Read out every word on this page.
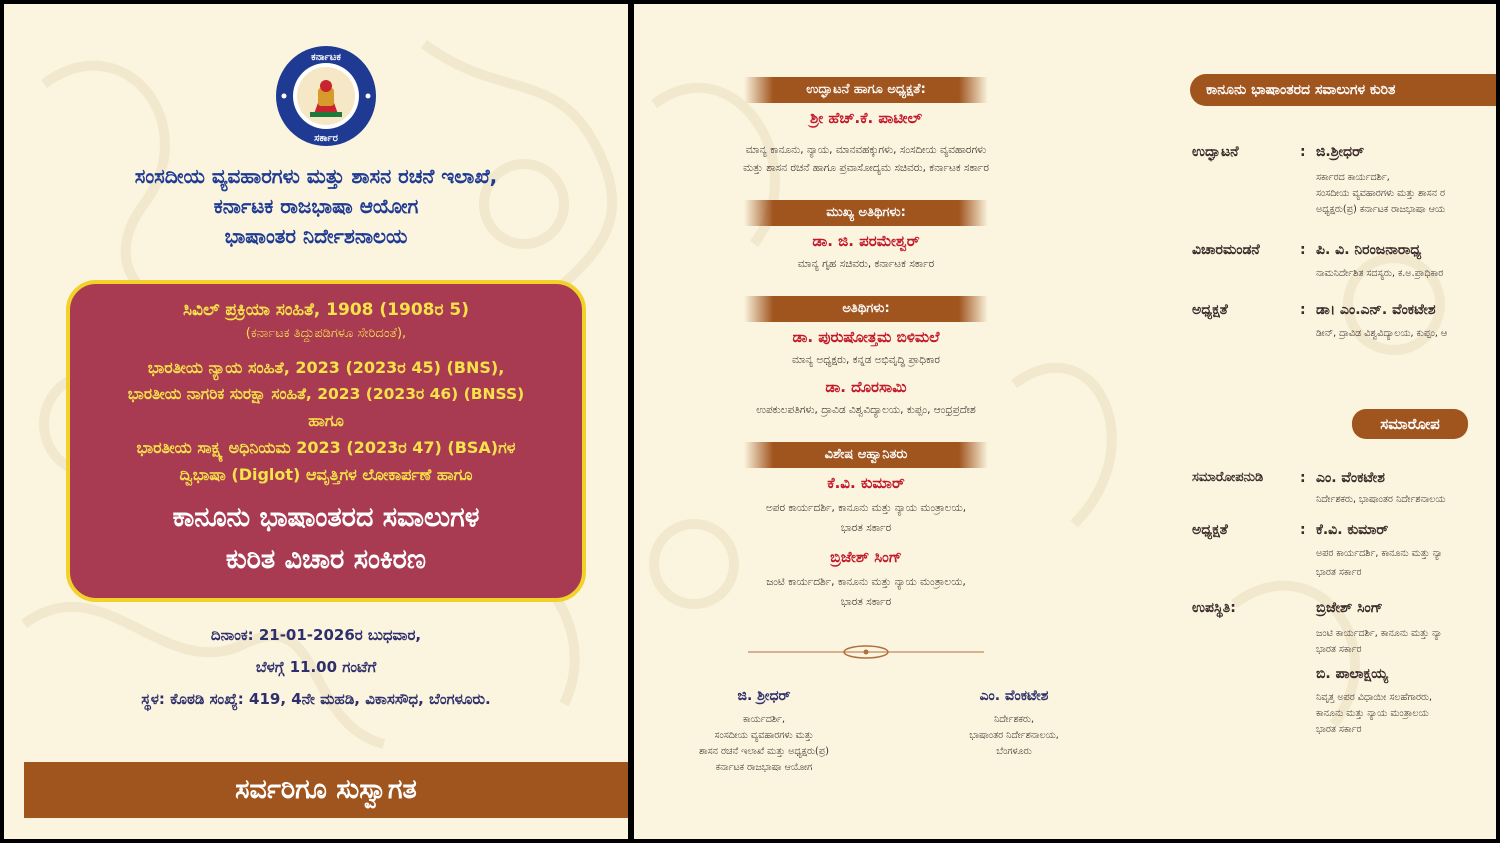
ಕರ್ನಾಟಕ
ಸರ್ಕಾರ
ಸಂಸದೀಯ ವ್ಯವಹಾರಗಳು ಮತ್ತು ಶಾಸನ ರಚನೆ ಇಲಾಖೆ,
ಕರ್ನಾಟಕ ರಾಜಭಾಷಾ ಆಯೋಗ
ಭಾಷಾಂತರ ನಿರ್ದೇಶನಾಲಯ
ಸಿವಿಲ್ ಪ್ರಕ್ರಿಯಾ ಸಂಹಿತೆ, 1908 (1908ರ 5)
(ಕರ್ನಾಟಕ ತಿದ್ದುಪಡಿಗಳೂ ಸೇರಿದಂತೆ),
ಭಾರತೀಯ ನ್ಯಾಯ ಸಂಹಿತೆ, 2023 (2023ರ 45) (BNS),
ಭಾರತೀಯ ನಾಗರಿಕ ಸುರಕ್ಷಾ ಸಂಹಿತೆ, 2023 (2023ರ 46) (BNSS)
ಹಾಗೂ
ಭಾರತೀಯ ಸಾಕ್ಷ್ಯ ಅಧಿನಿಯಮ 2023 (2023ರ 47) (BSA)ಗಳ
ದ್ವಿಭಾಷಾ (Diglot) ಆವೃತ್ತಿಗಳ ಲೋಕಾರ್ಪಣೆ ಹಾಗೂ
ಕಾನೂನು ಭಾಷಾಂತರದ ಸವಾಲುಗಳ
ಕುರಿತ ವಿಚಾರ ಸಂಕಿರಣ
ದಿನಾಂಕ: 21-01-2026ರ ಬುಧವಾರ,
ಬೆಳಗ್ಗೆ 11.00 ಗಂಟೆಗೆ
ಸ್ಥಳ: ಕೊಠಡಿ ಸಂಖ್ಯೆ: 419, 4ನೇ ಮಹಡಿ, ವಿಕಾಸಸೌಧ, ಬೆಂಗಳೂರು.
ಸರ್ವರಿಗೂ ಸುಸ್ವಾಗತ
ಉದ್ಘಾಟನೆ ಹಾಗೂ ಅಧ್ಯಕ್ಷತೆ:
ಶ್ರೀ ಹೆಚ್.ಕೆ. ಪಾಟೀಲ್
ಮಾನ್ಯ ಕಾನೂನು, ನ್ಯಾಯ, ಮಾನವಹಕ್ಕುಗಳು, ಸಂಸದೀಯ ವ್ಯವಹಾರಗಳು
ಮತ್ತು ಶಾಸನ ರಚನೆ ಹಾಗೂ ಪ್ರವಾಸೋದ್ಯಮ ಸಚಿವರು, ಕರ್ನಾಟಕ ಸರ್ಕಾರ
ಮುಖ್ಯ ಅತಿಥಿಗಳು:
ಡಾ. ಜಿ. ಪರಮೇಶ್ವರ್
ಮಾನ್ಯ ಗೃಹ ಸಚಿವರು, ಕರ್ನಾಟಕ ಸರ್ಕಾರ
ಅತಿಥಿಗಳು:
ಡಾ. ಪುರುಷೋತ್ತಮ ಬಿಳಿಮಲೆ
ಮಾನ್ಯ ಅಧ್ಯಕ್ಷರು, ಕನ್ನಡ ಅಭಿವೃದ್ಧಿ ಪ್ರಾಧಿಕಾರ
ಡಾ. ದೊರಸಾಮಿ
ಉಪಕುಲಪತಿಗಳು, ದ್ರಾವಿಡ ವಿಶ್ವವಿದ್ಯಾಲಯ, ಕುಪ್ಪಂ, ಆಂಧ್ರಪ್ರದೇಶ
ವಿಶೇಷ ಆಹ್ವಾನಿತರು
ಕೆ.ವಿ. ಕುಮಾರ್
ಅಪರ ಕಾರ್ಯದರ್ಶಿ, ಕಾನೂನು ಮತ್ತು ನ್ಯಾಯ ಮಂತ್ರಾಲಯ,
ಭಾರತ ಸರ್ಕಾರ
ಬ್ರಿಜೇಶ್ ಸಿಂಗ್
ಜಂಟಿ ಕಾರ್ಯದರ್ಶಿ, ಕಾನೂನು ಮತ್ತು ನ್ಯಾಯ ಮಂತ್ರಾಲಯ,
ಭಾರತ ಸರ್ಕಾರ
ಜಿ. ಶ್ರೀಧರ್
ಕಾರ್ಯದರ್ಶಿ,
ಸಂಸದೀಯ ವ್ಯವಹಾರಗಳು ಮತ್ತು
ಶಾಸನ ರಚನೆ ಇಲಾಖೆ ಮತ್ತು ಅಧ್ಯಕ್ಷರು(ಪ್ರ)
ಕರ್ನಾಟಕ ರಾಜಭಾಷಾ ಆಯೋಗ
ಎಂ. ವೆಂಕಟೇಶ
ನಿರ್ದೇಶಕರು,
ಭಾಷಾಂತರ ನಿರ್ದೇಶನಾಲಯ,
ಬೆಂಗಳೂರು
ಕಾನೂನು ಭಾಷಾಂತರದ ಸವಾಲುಗಳ ಕುರಿತ
ಉದ್ಘಾಟನೆ	: ಜಿ.ಶ್ರೀಧರ್
ಸರ್ಕಾರದ ಕಾರ್ಯದರ್ಶಿ,
ಸಂಸದೀಯ ವ್ಯವಹಾರಗಳು ಮತ್ತು ಶಾಸನ ರ
ಅಧ್ಯಕ್ಷರು(ಪ್ರ) ಕರ್ನಾಟಕ ರಾಜಭಾಷಾ ಆಯ
ವಿಚಾರಮಂಡನೆ	: ಪಿ. ವಿ. ನಿರಂಜನಾರಾಧ್ಯ
ನಾಮನಿರ್ದೇಶಿತ ಸದಸ್ಯರು, ಕ.ಅ.ಪ್ರಾಧಿಕಾರ
ಅಧ್ಯಕ್ಷತೆ	: ಡಾ। ಎಂ.ಎನ್. ವೆಂಕಟೇಶ
ಡೀನ್, ದ್ರಾವಿಡ ವಿಶ್ವವಿದ್ಯಾಲಯ, ಕುಪ್ಪಂ, ಆ
ಸಮಾರೋಪ
ಸಮಾರೋಪನುಡಿ	: ಎಂ. ವೆಂಕಟೇಶ
ನಿರ್ದೇಶಕರು, ಭಾಷಾಂತರ ನಿರ್ದೇಶನಾಲಯ
ಅಧ್ಯಕ್ಷತೆ	: ಕೆ.ವಿ. ಕುಮಾರ್
ಅಪರ ಕಾರ್ಯದರ್ಶಿ, ಕಾನೂನು ಮತ್ತು ನ್ಯಾ
ಭಾರತ ಸರ್ಕಾರ
ಉಪಸ್ಥಿತಿ:	ಬ್ರಿಜೇಶ್ ಸಿಂಗ್
ಜಂಟಿ ಕಾರ್ಯದರ್ಶಿ, ಕಾನೂನು ಮತ್ತು ನ್ಯಾ
ಭಾರತ ಸರ್ಕಾರ
ಬಿ. ಪಾಲಾಕ್ಷಯ್ಯ
ನಿವೃತ್ತ ಅಪರ ವಿಧಾಯೀ ಸಲಹೆಗಾರರು,
ಕಾನೂನು ಮತ್ತು ನ್ಯಾಯ ಮಂತ್ರಾಲಯ
ಭಾರತ ಸರ್ಕಾರ
